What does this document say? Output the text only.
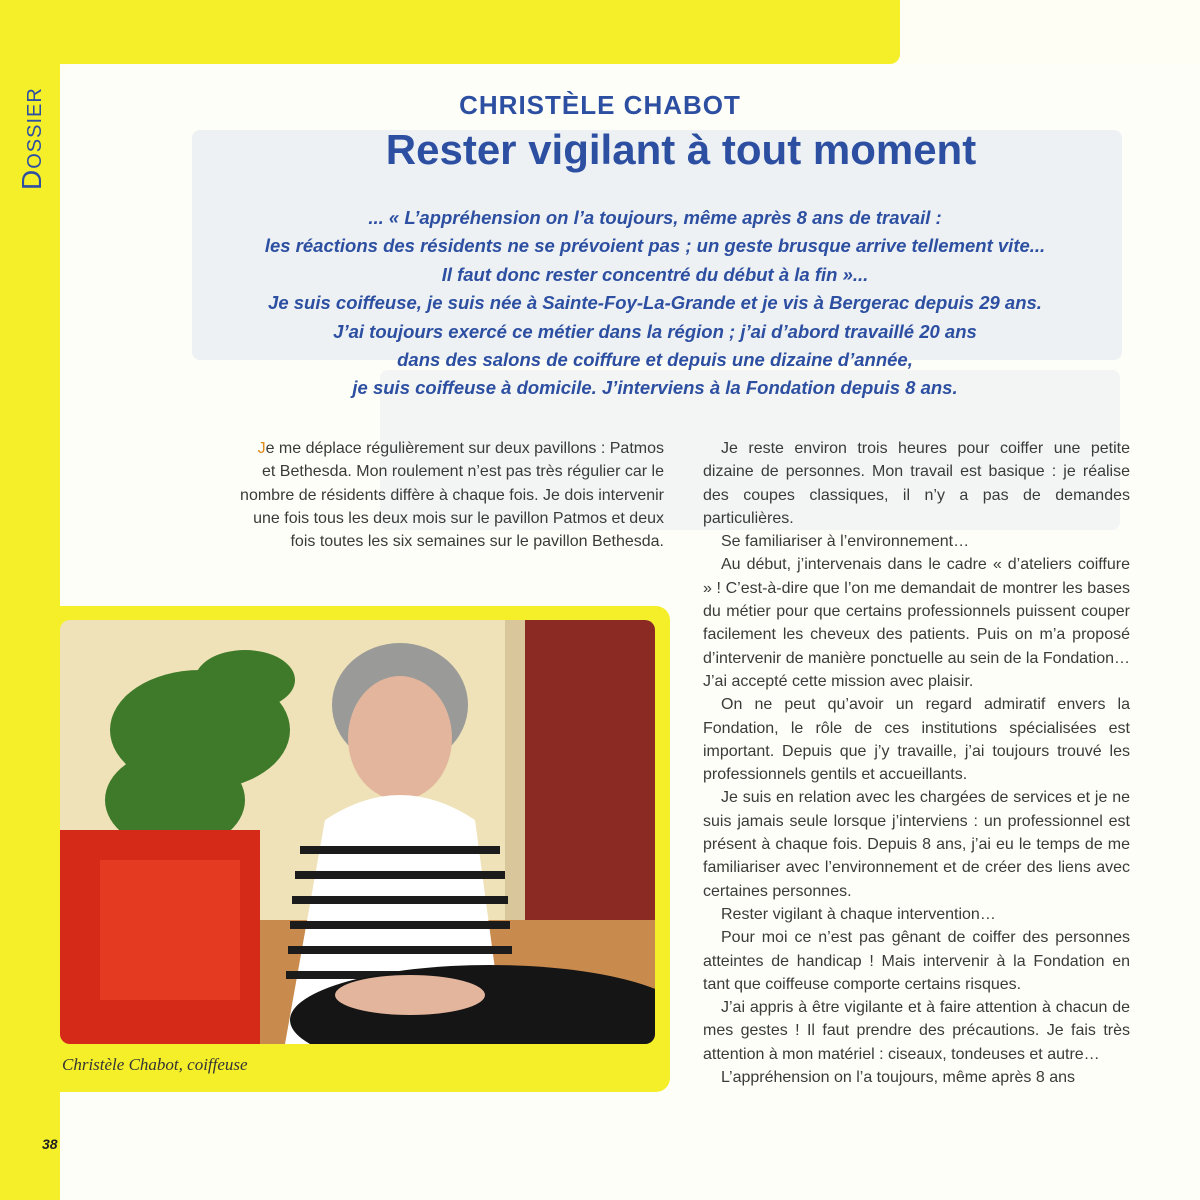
Dossier	CHRISTÈLE CHABOT
Rester vigilant à tout moment
... « L’appréhension on l’a toujours, même après 8 ans de travail :
les réactions des résidents ne se prévoient pas ; un geste brusque arrive tellement vite...
Il faut donc rester concentré du début à la fin »...
Je suis coiffeuse, je suis née à Sainte-Foy-La-Grande et je vis à Bergerac depuis 29 ans.
J’ai toujours exercé ce métier dans la région ; j’ai d’abord travaillé 20 ans
dans des salons de coiffure et depuis une dizaine d’année,
je suis coiffeuse à domicile. J’interviens à la Fondation depuis 8 ans.

Je me déplace régulièrement sur deux pavillons : Patmos et Bethesda. Mon roulement n’est pas très régulier car le nombre de résidents diffère à chaque fois. Je dois intervenir une fois tous les deux mois sur le pavillon Patmos et deux fois toutes les six semaines sur le pavillon Bethesda.

Je reste environ trois heures pour coiffer une petite dizaine de personnes. Mon travail est basique : je réalise des coupes classiques, il n’y a pas de demandes particulières.

Se familiariser à l’environnement…

Au début, j’intervenais dans le cadre « d’ateliers coiffure » ! C’est-à-dire que l’on me demandait de montrer les bases du métier pour que certains professionnels puissent couper facilement les cheveux des patients. Puis on m’a proposé d’intervenir de manière ponctuelle au sein de la Fondation… J’ai accepté cette mission avec plaisir.

On ne peut qu’avoir un regard admiratif envers la Fondation, le rôle de ces institutions spécialisées est important. Depuis que j’y travaille, j’ai toujours trouvé les professionnels gentils et accueillants.

Je suis en relation avec les chargées de services et je ne suis jamais seule lorsque j’interviens : un professionnel est présent à chaque fois. Depuis 8 ans, j’ai eu le temps de me familiariser avec l’environnement et de créer des liens avec certaines personnes.

Rester vigilant à chaque intervention…

Pour moi ce n’est pas gênant de coiffer des personnes atteintes de handicap ! Mais intervenir à la Fondation en tant que coiffeuse comporte certains risques.

J’ai appris à être vigilante et à faire attention à chacun de mes gestes ! Il faut prendre des précautions. Je fais très attention à mon matériel : ciseaux, tondeuses et autre…

L’appréhension on l’a toujours, même après 8 ans

Christèle Chabot, coiffeuse
38
